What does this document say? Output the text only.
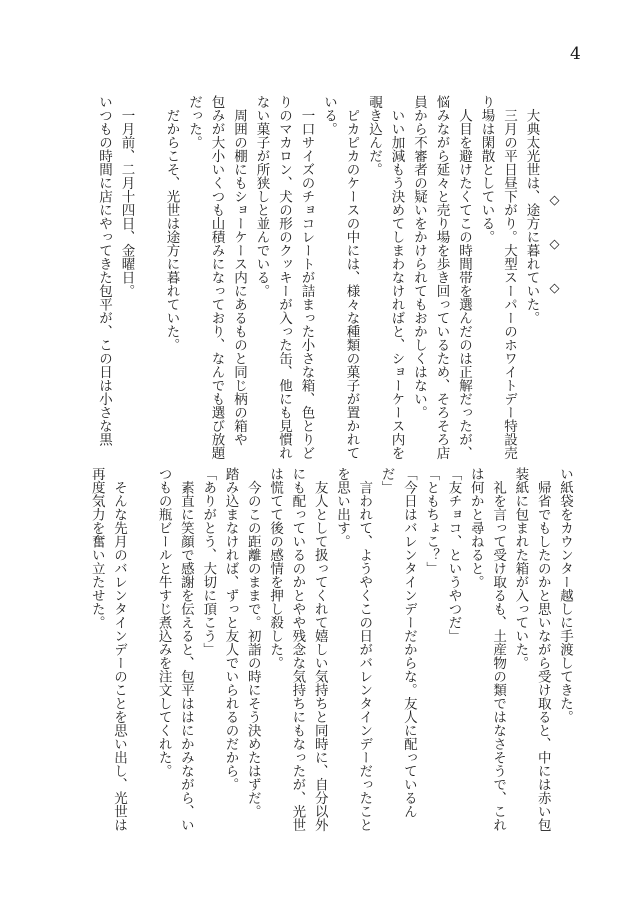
4
◇　◇　◇
　大典太光世は、途方に暮れていた。
　三月の平日昼下がり。大型スーパーのホワイトデー特設売
り場は閑散としている。
　人目を避けたくてこの時間帯を選んだのは正解だったが、
悩みながら延々と売り場を歩き回っているため、そろそろ店
員から不審者の疑いをかけられてもおかしくはない。
　いい加減もう決めてしまわなければと、ショーケース内を
覗き込んだ。
　ピカピカのケースの中には、様々な種類の菓子が置かれて
いる。
　一口サイズのチョコレートが詰まった小さな箱、色とりど
りのマカロン、犬の形のクッキーが入った缶、他にも見慣れ
ない菓子が所狭しと並んでいる。
　周囲の棚にもショーケース内にあるものと同じ柄の箱や
包みが大小いくつも山積みになっており、なんでも選び放題
だった。
　だからこそ、光世は途方に暮れていた。
　一月前、二月十四日、金曜日。
いつもの時間に店にやってきた包平が、この日は小さな黒
い紙袋をカウンター越しに手渡してきた。
　帰省でもしたのかと思いながら受け取ると、中には赤い包
装紙に包まれた箱が入っていた。
　礼を言って受け取るも、土産物の類ではなさそうで、これ
は何かと尋ねると。
「友チョコ、というやつだ」
「ともちょこ？」
「今日はバレンタインデーだからな。友人に配っているん
だ」
　言われて、ようやくこの日がバレンタインデーだったこと
を思い出す。
　友人として扱ってくれて嬉しい気持ちと同時に、自分以外
にも配っているのかとやや残念な気持ちにもなったが、光世
は慌てて後の感情を押し殺した。
　今のこの距離のままで。初詣の時にそう決めたはずだ。
踏み込まなければ、ずっと友人でいられるのだから。
「ありがとう、大切に頂こう」
　素直に笑顔で感謝を伝えると、包平ははにかみながら、い
つもの瓶ビールと牛すじ煮込みを注文してくれた。
　そんな先月のバレンタインデーのことを思い出し、光世は
再度気力を奮い立たせた。
